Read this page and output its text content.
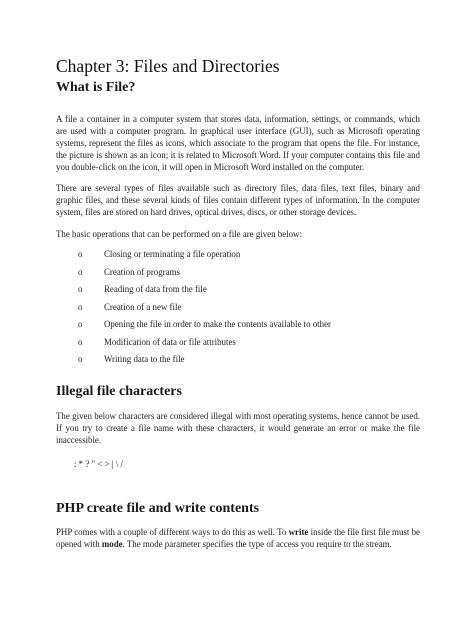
Chapter 3: Files and Directories
What is File?

A file a container in a computer system that stores data, information, settings, or commands, which are used with a computer program. In graphical user interface (GUI), such as Microsoft operating systems, represent the files as icons, which associate to the program that opens the file. For instance, the picture is shown as an icon; it is related to Microsoft Word. If your computer contains this file and you double-click on the icon, it will open in Microsoft Word installed on the computer.

There are several types of files available such as directory files, data files, text files, binary and graphic files, and these several kinds of files contain different types of information. In the computer system, files are stored on hard drives, optical drives, discs, or other storage devices.

The basic operations that can be performed on a file are given below:

o	Closing or terminating a file operation
o	Creation of programs
o	Reading of data from the file
o	Creation of a new file
o	Opening the file in order to make the contents available to other
o	Modification of data or file attributes
o	Writing data to the file
Illegal file characters

The given below characters are considered illegal with most operating systems, hence cannot be used. If you try to create a file name with these characters, it would generate an error or make the file inaccessible.

: * ? " < > | \ /
PHP create file and write contents

PHP comes with a couple of different ways to do this as well. To write inside the file first file must be opened with mode. The mode parameter specifies the type of access you require to the stream.
